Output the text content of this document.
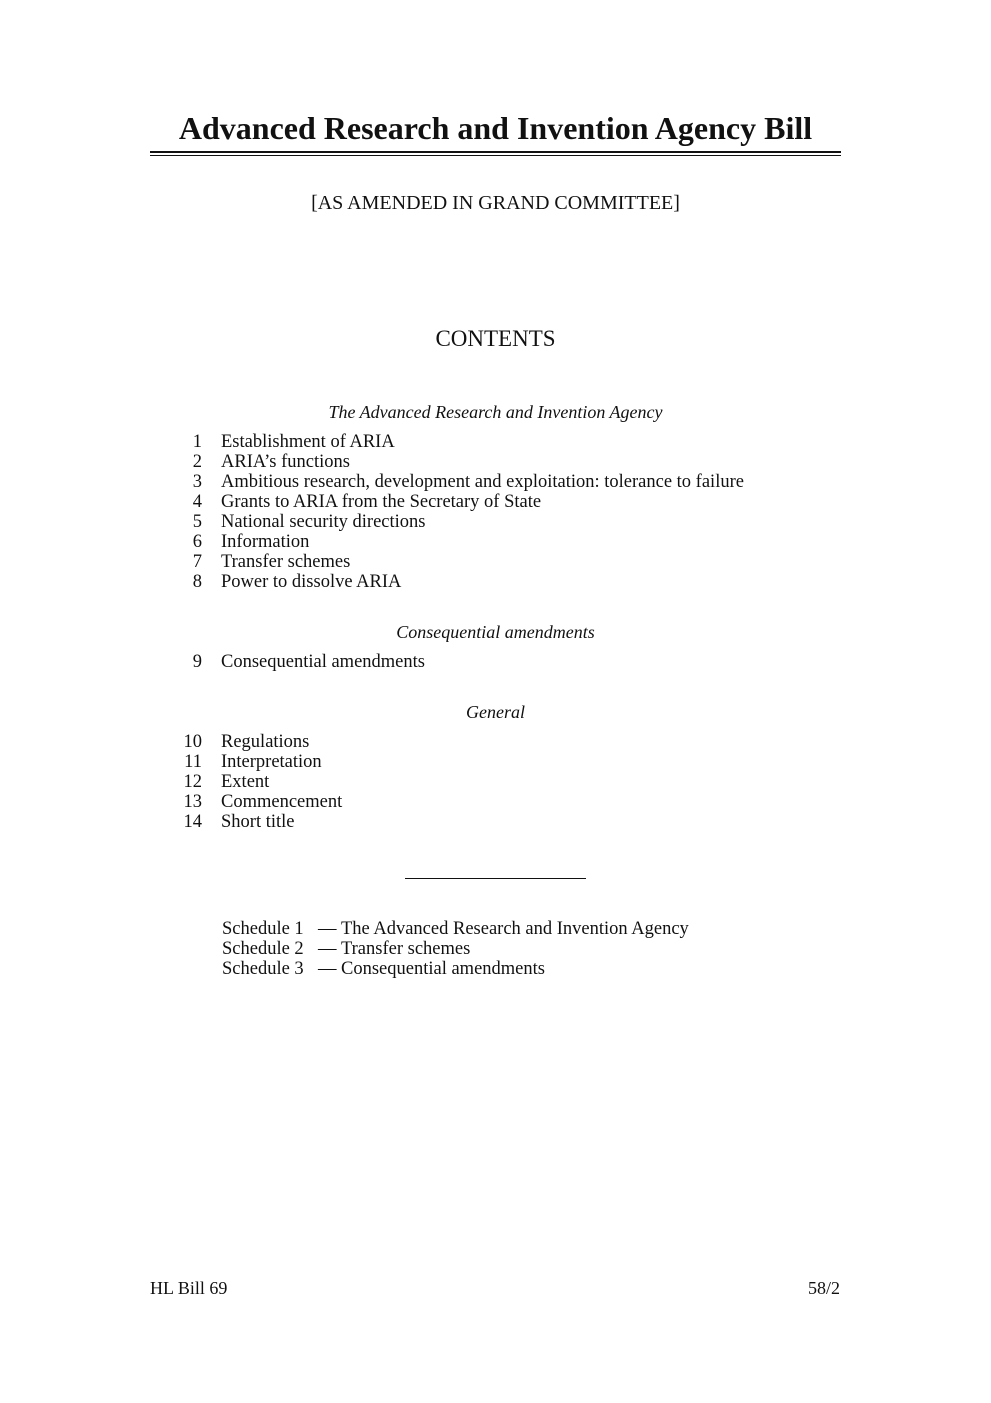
Advanced Research and Invention Agency Bill
[AS AMENDED IN GRAND COMMITTEE]
CONTENTS
The Advanced Research and Invention Agency
1 Establishment of ARIA
2 ARIA’s functions
3 Ambitious research, development and exploitation: tolerance to failure
4 Grants to ARIA from the Secretary of State
5 National security directions
6 Information
7 Transfer schemes
8 Power to dissolve ARIA
Consequential amendments
9 Consequential amendments
General
10 Regulations
11 Interpretation
12 Extent
13 Commencement
14 Short title
Schedule 1 — The Advanced Research and Invention Agency
Schedule 2 — Transfer schemes
Schedule 3 — Consequential amendments
HL Bill 69	58/2
